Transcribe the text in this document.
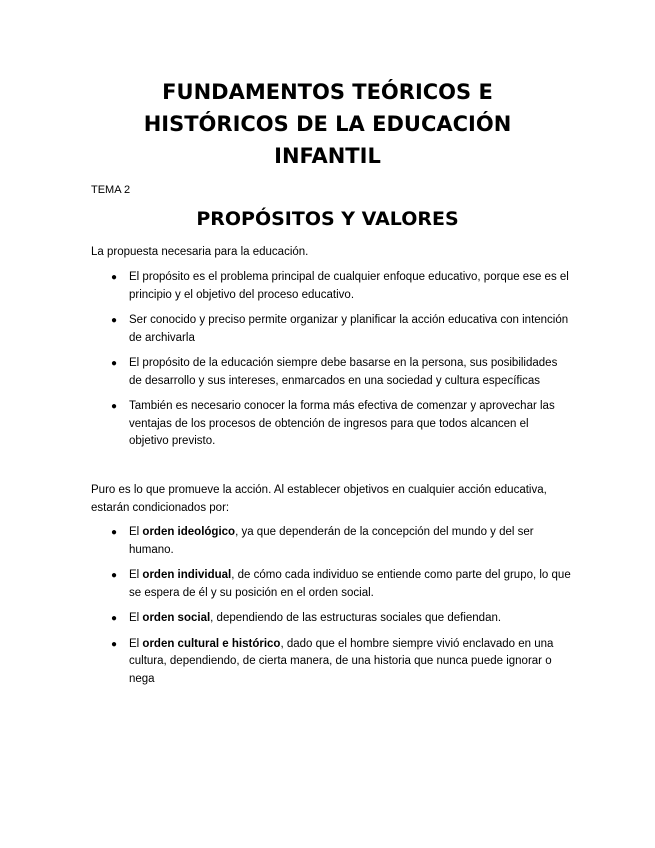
FUNDAMENTOS TEÓRICOS E
HISTÓRICOS DE LA EDUCACIÓN
INFANTIL
TEMA 2
PROPÓSITOS Y VALORES

La propuesta necesaria para la educación.

● El propósito es el problema principal de cualquier enfoque educativo, porque ese es el principio y el objetivo del proceso educativo.
● Ser conocido y preciso permite organizar y planificar la acción educativa con intención de archivarla
● El propósito de la educación siempre debe basarse en la persona, sus posibilidades de desarrollo y sus intereses, enmarcados en una sociedad y cultura específicas
● También es necesario conocer la forma más efectiva de comenzar y aprovechar las ventajas de los procesos de obtención de ingresos para que todos alcancen el objetivo previsto.

Puro es lo que promueve la acción. Al establecer objetivos en cualquier acción educativa, estarán condicionados por:

● El orden ideológico, ya que dependerán de la concepción del mundo y del ser humano.
● El orden individual, de cómo cada individuo se entiende como parte del grupo, lo que se espera de él y su posición en el orden social.
● El orden social, dependiendo de las estructuras sociales que defiendan.
● El orden cultural e histórico, dado que el hombre siempre vivió enclavado en una cultura, dependiendo, de cierta manera, de una historia que nunca puede ignorar o nega
